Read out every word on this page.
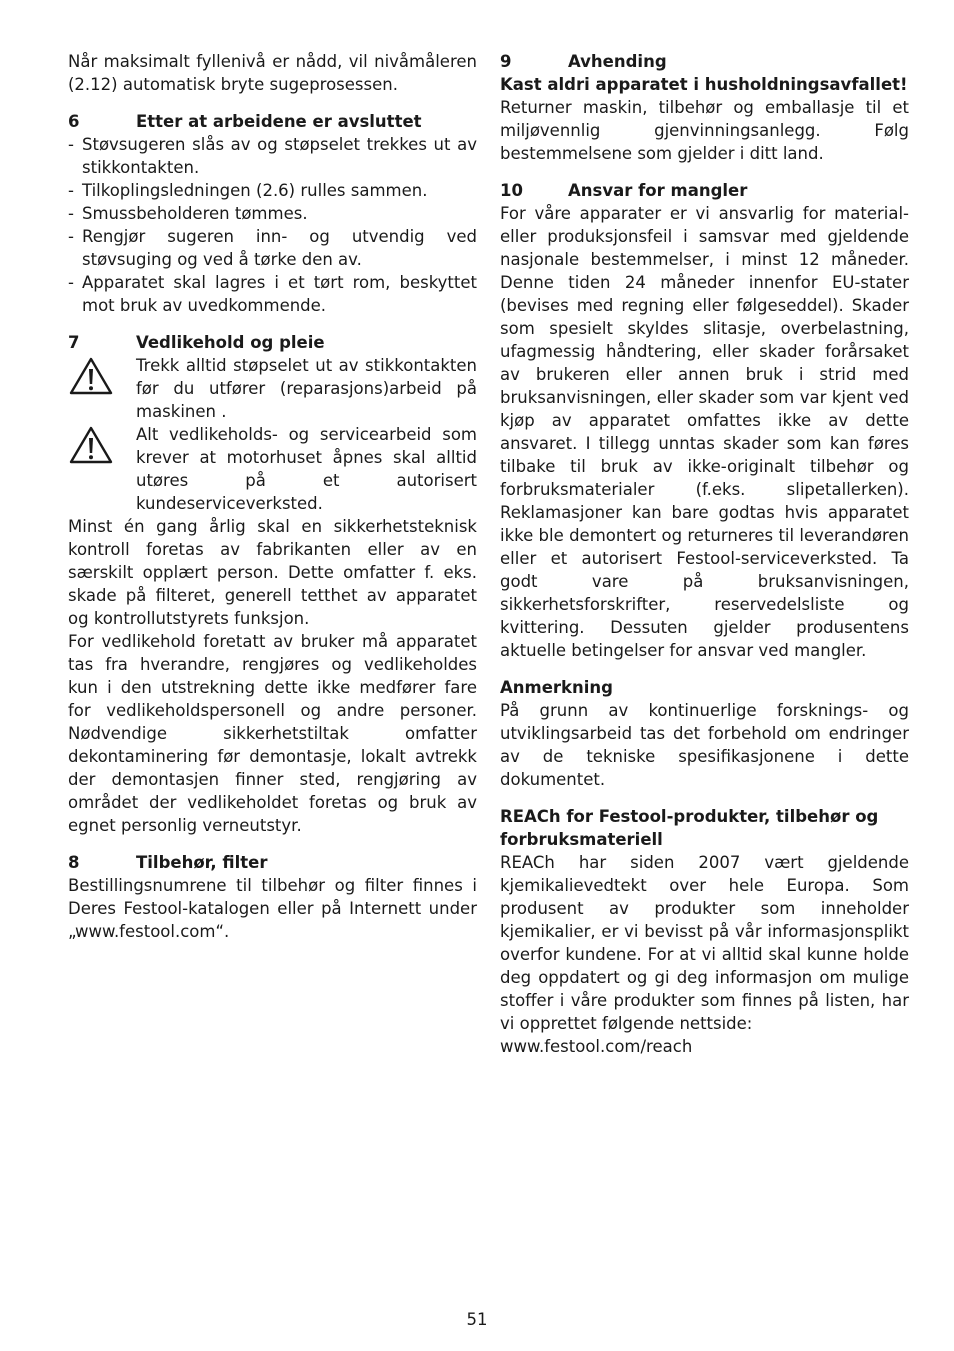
Når maksimalt fyllenivå er nådd, vil nivåmåleren (2.12) automatisk bryte sugeprosessen.

6	Etter at arbeidene er avsluttet
- Støvsugeren slås av og støpselet trekkes ut av stikkontakten.
- Tilkoplingsledningen (2.6) rulles sammen.
- Smussbeholderen tømmes.
- Rengjør sugeren inn- og utvendig ved støvsuging og ved å tørke den av.
- Apparatet skal lagres i et tørt rom, beskyttet mot bruk av uvedkommende.
7	Vedlikehold og pleie
Trekk alltid støpselet ut av stikkontakten før du utfører (reparasjons)arbeid på maskinen .
Alt vedlikeholds- og servicearbeid som krever at motorhuset åpnes skal alltid utøres på et autorisert kundeserviceverksted.

Minst én gang årlig skal en sikkerhetsteknisk kontroll foretas av fabrikanten eller av en særskilt opplært person. Dette omfatter f. eks. skade på filteret, generell tetthet av apparatet og kontrollutstyrets funksjon.

For vedlikehold foretatt av bruker må apparatet tas fra hverandre, rengjøres og vedlikeholdes kun i den utstrekning dette ikke medfører fare for vedlikeholdspersonell og andre personer. Nødvendige sikkerhetstiltak omfatter dekontaminering før demontasje, lokalt avtrekk der demontasjen finner sted, rengjøring av området der vedlikeholdet foretas og bruk av egnet personlig verneutstyr.

8	Tilbehør, filter

Bestillingsnumrene til tilbehør og filter finnes i Deres Festool-katalogen eller på Internett under „www.festool.com“.

9	Avhending

Kast aldri apparatet i husholdningsavfallet!

Returner maskin, tilbehør og emballasje til et miljøvennlig gjenvinningsanlegg. Følg bestemmelsene som gjelder i ditt land.

10	Ansvar for mangler

For våre apparater er vi ansvarlig for material- eller produksjonsfeil i samsvar med gjeldende nasjonale bestemmelser, i minst 12 måneder. Denne tiden 24 måneder innenfor EU-stater (bevises med regning eller følgeseddel). Skader som spesielt skyldes slitasje, overbelastning, ufagmessig håndtering, eller skader forårsaket av brukeren eller annen bruk i strid med bruksanvisningen, eller skader som var kjent ved kjøp av apparatet omfattes ikke av dette ansvaret. I tillegg unntas skader som kan føres tilbake til bruk av ikke-originalt tilbehør og forbruksmaterialer (f.eks. slipetallerken). Reklamasjoner kan bare godtas hvis apparatet ikke ble demontert og returneres til leverandøren eller et autorisert Festool-serviceverksted. Ta godt vare på bruksanvisningen, sikkerhetsforskrifter, reservedelsliste og kvittering. Dessuten gjelder produsentens aktuelle betingelser for ansvar ved mangler.

Anmerkning

På grunn av kontinuerlige forsknings- og utviklingsarbeid tas det forbehold om endringer av de tekniske spesifikasjonene i dette dokumentet.

REACh for Festool-produkter, tilbehør og forbruksmateriell

REACh har siden 2007 vært gjeldende kjemikalievedtekt over hele Europa. Som produsent av produkter som inneholder kjemikalier, er vi bevisst på vår informasjonsplikt overfor kundene. For at vi alltid skal kunne holde deg oppdatert og gi deg informasjon om mulige stoffer i våre produkter som finnes på listen, har vi opprettet følgende nettside:

www.festool.com/reach

51
